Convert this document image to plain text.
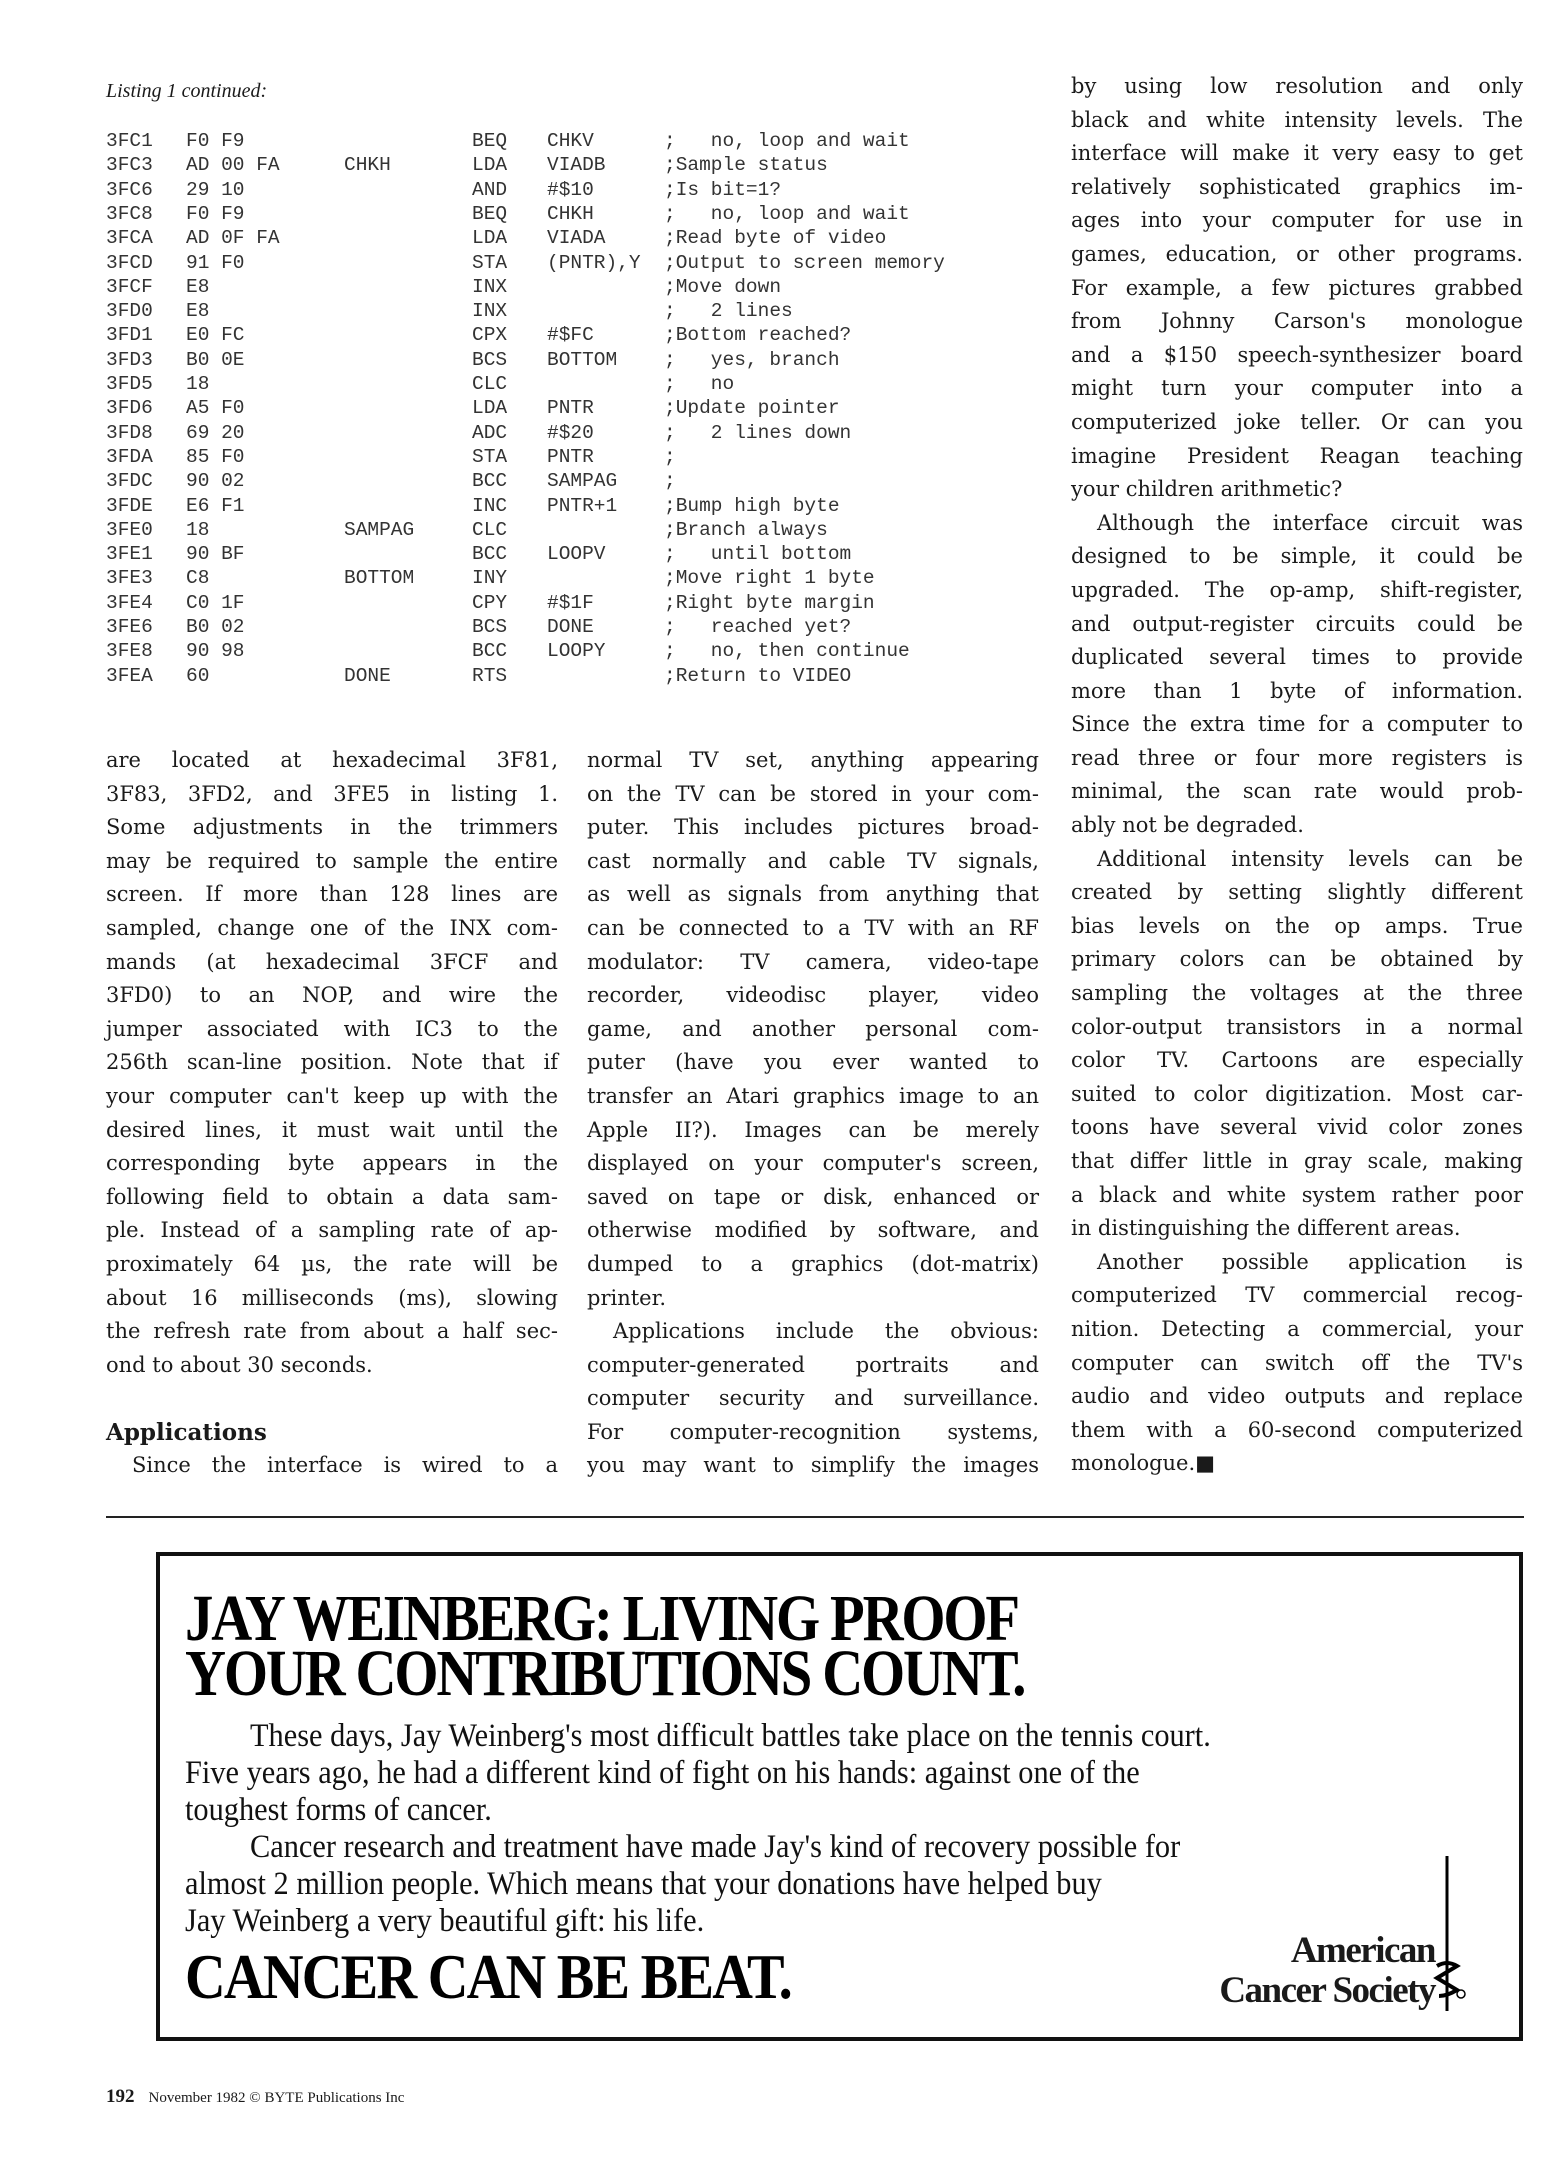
Listing 1 continued:
3FC1 F0 F9	BEQ CHKV	;   no, loop and wait
3FC3 AD 00 FA	CHKH	LDA VIADB	;Sample status
3FC6 29 10	AND #$10	;Is bit=1?
3FC8 F0 F9	BEQ CHKH	;   no, loop and wait
3FCA AD 0F FA	LDA VIADA	;Read byte of video
3FCD 91 F0	STA (PNTR),Y ;Output to screen memory
3FCF E8	INX	;Move down
3FD0 E8	INX	;   2 lines
3FD1 E0 FC	CPX #$FC	;Bottom reached?
3FD3 B0 0E	BCS BOTTOM ;   yes, branch
3FD5 18	CLC	;   no
3FD6 A5 F0	LDA PNTR	;Update pointer
3FD8 69 20	ADC #$20	;   2 lines down
3FDA 85 F0	STA PNTR	;
3FDC 90 02	BCC SAMPAG ;
3FDE E6 F1	INC PNTR+1 ;Bump high byte
3FE0 18	SAMPAG	CLC	;Branch always
3FE1 90 BF	BCC LOOPV	;   until bottom
3FE3 C8	BOTTOM	INY	;Move right 1 byte
3FE4 C0 1F	CPY #$1F	;Right byte margin
3FE6 B0 02	BCS DONE	;   reached yet?
3FE8 90 98	BCC LOOPY	;   no, then continue
3FEA 60	DONE	RTS	;Return to VIDEO
are located at hexadecimal 3F81,
3F83, 3FD2, and 3FE5 in listing 1.
Some adjustments in the trimmers
may be required to sample the entire
screen. If more than 128 lines are
sampled, change one of the INX com-
mands (at hexadecimal 3FCF and
3FD0) to an NOP, and wire the
jumper associated with IC3 to the
256th scan-line position. Note that if
your computer can't keep up with the
desired lines, it must wait until the
corresponding byte appears in the
following field to obtain a data sam-
ple. Instead of a sampling rate of ap-
proximately 64 µs, the rate will be
about 16 milliseconds (ms), slowing
the refresh rate from about a half sec-
ond to about 30 seconds.
Applications
Since the interface is wired to a
normal TV set, anything appearing
on the TV can be stored in your com-
puter. This includes pictures broad-
cast normally and cable TV signals,
as well as signals from anything that
can be connected to a TV with an RF
modulator: TV camera, video-tape
recorder, videodisc player, video
game, and another personal com-
puter (have you ever wanted to
transfer an Atari graphics image to an
Apple II?). Images can be merely
displayed on your computer's screen,
saved on tape or disk, enhanced or
otherwise modified by software, and
dumped to a graphics (dot-matrix)
printer.
Applications include the obvious:
computer-generated portraits and
computer security and surveillance.
For computer-recognition systems,
you may want to simplify the images
by using low resolution and only
black and white intensity levels. The
interface will make it very easy to get
relatively sophisticated graphics im-
ages into your computer for use in
games, education, or other programs.
For example, a few pictures grabbed
from Johnny Carson's monologue
and a $150 speech-synthesizer board
might turn your computer into a
computerized joke teller. Or can you
imagine President Reagan teaching
your children arithmetic?
Although the interface circuit was
designed to be simple, it could be
upgraded. The op-amp, shift-register,
and output-register circuits could be
duplicated several times to provide
more than 1 byte of information.
Since the extra time for a computer to
read three or four more registers is
minimal, the scan rate would prob-
ably not be degraded.
Additional intensity levels can be
created by setting slightly different
bias levels on the op amps. True
primary colors can be obtained by
sampling the voltages at the three
color-output transistors in a normal
color TV. Cartoons are especially
suited to color digitization. Most car-
toons have several vivid color zones
that differ little in gray scale, making
a black and white system rather poor
in distinguishing the different areas.
Another possible application is
computerized TV commercial recog-
nition. Detecting a commercial, your
computer can switch off the TV's
audio and video outputs and replace
them with a 60-second computerized
monologue.■
JAY WEINBERG: LIVING PROOF
YOUR CONTRIBUTIONS COUNT.
These days, Jay Weinberg's most difficult battles take place on the tennis court.
Five years ago, he had a different kind of fight on his hands: against one of the
toughest forms of cancer.
Cancer research and treatment have made Jay's kind of recovery possible for
almost 2 million people. Which means that your donations have helped buy
Jay Weinberg a very beautiful gift: his life.
CANCER CAN BE BEAT.	American
Cancer Society
192 November 1982 © BYTE Publications Inc
